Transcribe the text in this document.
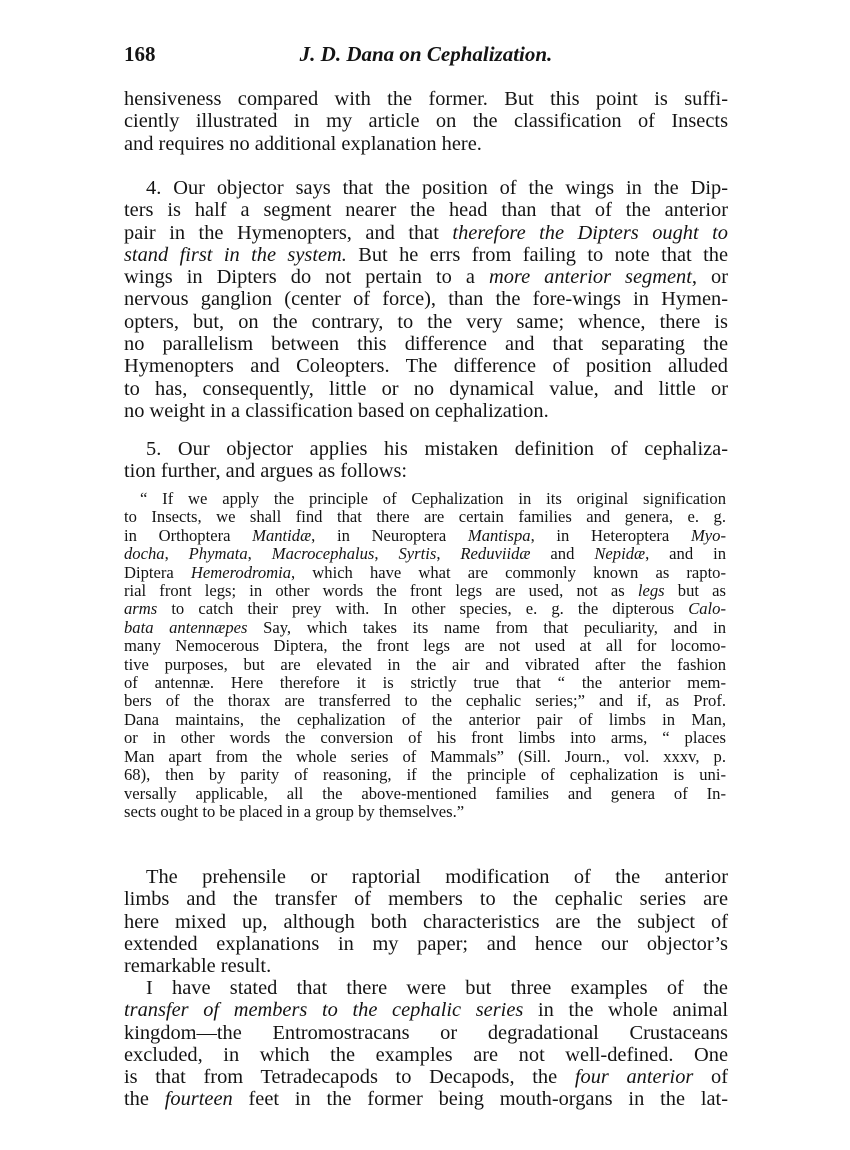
168	J. D. Dana on Cephalization.
hensiveness compared with the former. But this point is suffi-
ciently illustrated in my article on the classification of Insects
and requires no additional explanation here.
4. Our objector says that the position of the wings in the Dip-
ters is half a segment nearer the head than that of the anterior
pair in the Hymenopters, and that therefore the Dipters ought to
stand first in the system. But he errs from failing to note that the
wings in Dipters do not pertain to a more anterior segment, or
nervous ganglion (center of force), than the fore-wings in Hymen-
opters, but, on the contrary, to the very same; whence, there is
no parallelism between this difference and that separating the
Hymenopters and Coleopters. The difference of position alluded
to has, consequently, little or no dynamical value, and little or
no weight in a classification based on cephalization.
5. Our objector applies his mistaken definition of cephaliza-
tion further, and argues as follows:
“ If we apply the principle of Cephalization in its original signification
to Insects, we shall find that there are certain families and genera, e. g.
in Orthoptera Mantidæ, in Neuroptera Mantispa, in Heteroptera Myo-
docha, Phymata, Macrocephalus, Syrtis, Reduviidæ and Nepidæ, and in
Diptera Hemerodromia, which have what are commonly known as rapto-
rial front legs; in other words the front legs are used, not as legs but as
arms to catch their prey with. In other species, e. g. the dipterous Calo-
bata antennæpes Say, which takes its name from that peculiarity, and in
many Nemocerous Diptera, the front legs are not used at all for locomo-
tive purposes, but are elevated in the air and vibrated after the fashion
of antennæ. Here therefore it is strictly true that “ the anterior mem-
bers of the thorax are transferred to the cephalic series;” and if, as Prof.
Dana maintains, the cephalization of the anterior pair of limbs in Man,
or in other words the conversion of his front limbs into arms, “ places
Man apart from the whole series of Mammals” (Sill. Journ., vol. xxxv, p.
68), then by parity of reasoning, if the principle of cephalization is uni-
versally applicable, all the above-mentioned families and genera of In-
sects ought to be placed in a group by themselves.”
The prehensile or raptorial modification of the anterior
limbs and the transfer of members to the cephalic series are
here mixed up, although both characteristics are the subject of
extended explanations in my paper; and hence our objector’s
remarkable result.
I have stated that there were but three examples of the
transfer of members to the cephalic series in the whole animal
kingdom—the Entromostracans or degradational Crustaceans
excluded, in which the examples are not well-defined. One
is that from Tetradecapods to Decapods, the four anterior of
the fourteen feet in the former being mouth-organs in the lat-
